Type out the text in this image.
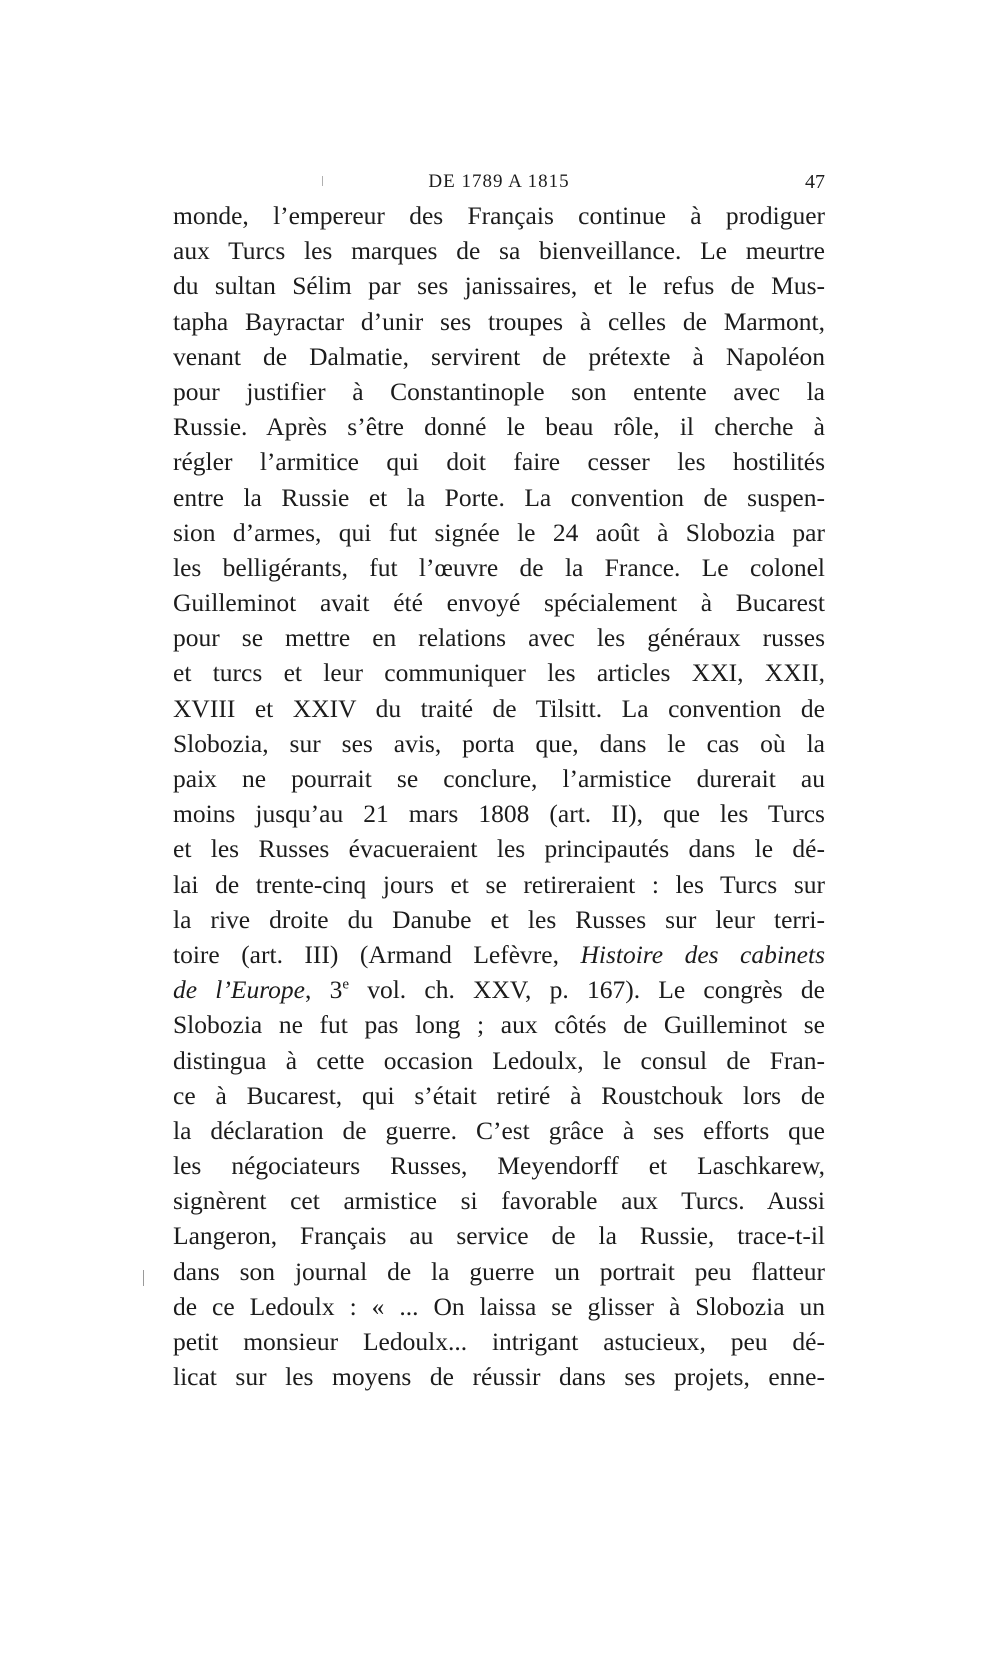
DE 1789 A 1815	47
monde, l’empereur des Français continue à prodiguer
aux Turcs les marques de sa bienveillance. Le meurtre
du sultan Sélim par ses janissaires, et le refus de Mus-
tapha Bayractar d’unir ses troupes à celles de Marmont,
venant de Dalmatie, servirent de prétexte à Napoléon
pour justifier à Constantinople son entente avec la
Russie. Après s’être donné le beau rôle, il cherche à
régler l’armitice qui doit faire cesser les hostilités
entre la Russie et la Porte. La convention de suspen-
sion d’armes, qui fut signée le 24 août à Slobozia par
les belligérants, fut l’œuvre de la France. Le colonel
Guilleminot avait été envoyé spécialement à Bucarest
pour se mettre en relations avec les généraux russes
et turcs et leur communiquer les articles XXI, XXII,
XVIII et XXIV du traité de Tilsitt. La convention de
Slobozia, sur ses avis, porta que, dans le cas où la
paix ne pourrait se conclure, l’armistice durerait au
moins jusqu’au 21 mars 1808 (art. II), que les Turcs
et les Russes évacueraient les principautés dans le dé-
lai de trente-cinq jours et se retireraient : les Turcs sur
la rive droite du Danube et les Russes sur leur terri-
toire (art. III) (Armand Lefèvre, Histoire des cabinets
de l’Europe, 3e vol. ch. XXV, p. 167). Le congrès de
Slobozia ne fut pas long ; aux côtés de Guilleminot se
distingua à cette occasion Ledoulx, le consul de Fran-
ce à Bucarest, qui s’était retiré à Roustchouk lors de
la déclaration de guerre. C’est grâce à ses efforts que
les négociateurs Russes, Meyendorff et Laschkarew,
signèrent cet armistice si favorable aux Turcs. Aussi
Langeron, Français au service de la Russie, trace-t-il
dans son journal de la guerre un portrait peu flatteur
de ce Ledoulx : « ... On laissa se glisser à Slobozia un
petit monsieur Ledoulx... intrigant astucieux, peu dé-
licat sur les moyens de réussir dans ses projets, enne-
